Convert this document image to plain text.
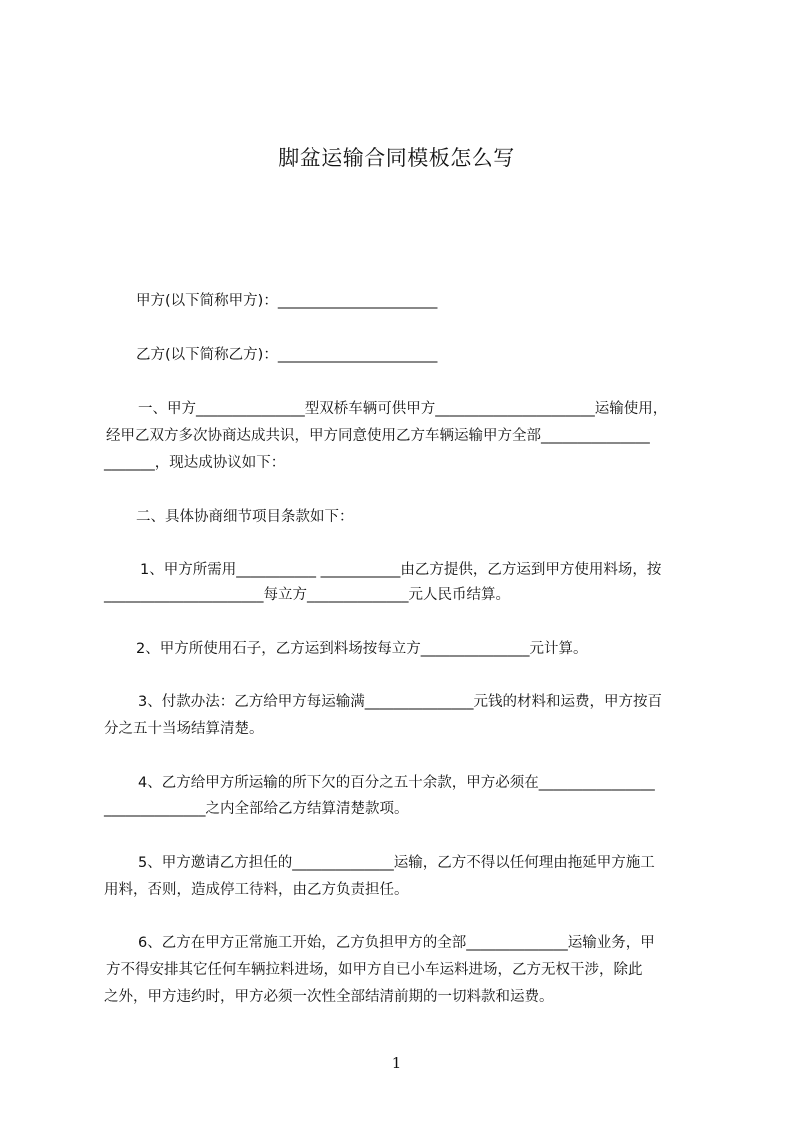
脚盆运输合同模板怎么写
甲方(以下简称甲方)：______________________
乙方(以下简称乙方)：______________________
一、甲方_______________型双桥车辆可供甲方______________________运输使用，
经甲乙双方多次协商达成共识，甲方同意使用乙方车辆运输甲方全部_______________
_______，现达成协议如下：
二、具体协商细节项目条款如下：
1、甲方所需用___________ ___________由乙方提供，乙方运到甲方使用料场，按
______________________每立方______________元人民币结算。
2、甲方所使用石子，乙方运到料场按每立方_______________元计算。
3、付款办法：乙方给甲方每运输满_______________元钱的材料和运费，甲方按百
分之五十当场结算清楚。
4、乙方给甲方所运输的所下欠的百分之五十余款，甲方必须在________________
______________之内全部给乙方结算清楚款项。
5、甲方邀请乙方担任的______________运输，乙方不得以任何理由拖延甲方施工
用料，否则，造成停工待料，由乙方负责担任。
6、乙方在甲方正常施工开始，乙方负担甲方的全部______________运输业务，甲
方不得安排其它任何车辆拉料进场，如甲方自已小车运料进场，乙方无权干涉，除此
之外，甲方违约时，甲方必须一次性全部结清前期的一切料款和运费。
1
